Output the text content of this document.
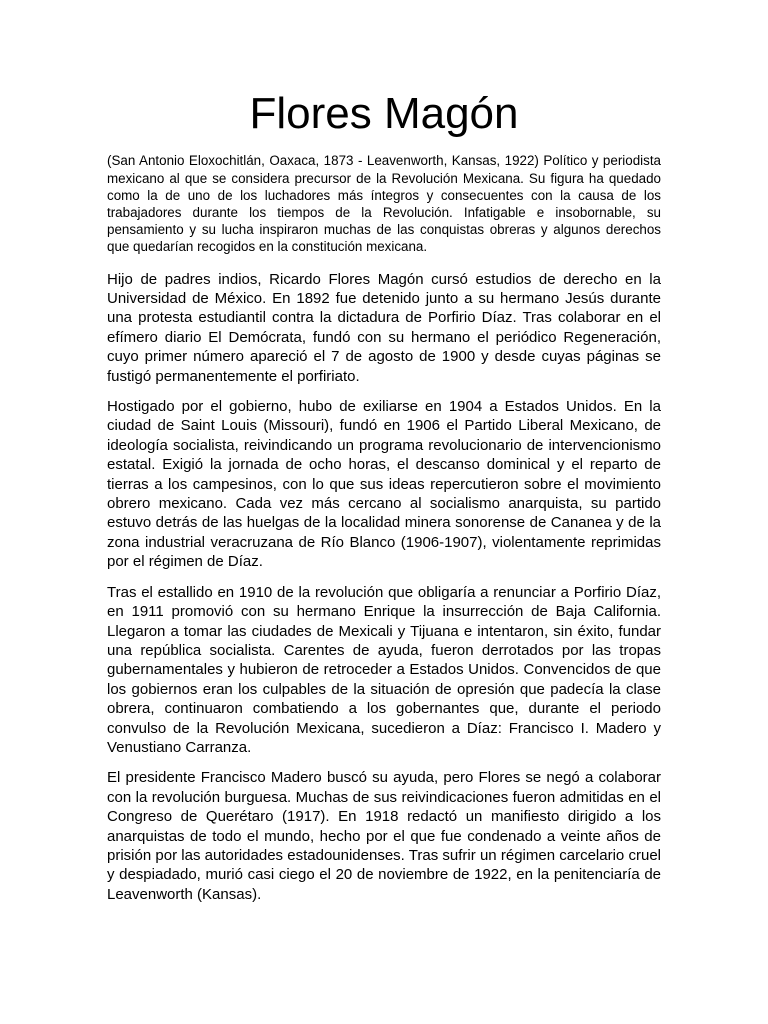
Flores Magón

(San Antonio Eloxochitlán, Oaxaca, 1873 - Leavenworth, Kansas, 1922) Político y periodista mexicano al que se considera precursor de la Revolución Mexicana. Su figura ha quedado como la de uno de los luchadores más íntegros y consecuentes con la causa de los trabajadores durante los tiempos de la Revolución. Infatigable e insobornable, su pensamiento y su lucha inspiraron muchas de las conquistas obreras y algunos derechos que quedarían recogidos en la constitución mexicana.

Hijo de padres indios, Ricardo Flores Magón cursó estudios de derecho en la Universidad de México. En 1892 fue detenido junto a su hermano Jesús durante una protesta estudiantil contra la dictadura de Porfirio Díaz. Tras colaborar en el efímero diario El Demócrata, fundó con su hermano el periódico Regeneración, cuyo primer número apareció el 7 de agosto de 1900 y desde cuyas páginas se fustigó permanentemente el porfiriato.

Hostigado por el gobierno, hubo de exiliarse en 1904 a Estados Unidos. En la ciudad de Saint Louis (Missouri), fundó en 1906 el Partido Liberal Mexicano, de ideología socialista, reivindicando un programa revolucionario de intervencionismo estatal. Exigió la jornada de ocho horas, el descanso dominical y el reparto de tierras a los campesinos, con lo que sus ideas repercutieron sobre el movimiento obrero mexicano. Cada vez más cercano al socialismo anarquista, su partido estuvo detrás de las huelgas de la localidad minera sonorense de Cananea y de la zona industrial veracruzana de Río Blanco (1906-1907), violentamente reprimidas por el régimen de Díaz.

Tras el estallido en 1910 de la revolución que obligaría a renunciar a Porfirio Díaz, en 1911 promovió con su hermano Enrique la insurrección de Baja California. Llegaron a tomar las ciudades de Mexicali y Tijuana e intentaron, sin éxito, fundar una república socialista. Carentes de ayuda, fueron derrotados por las tropas gubernamentales y hubieron de retroceder a Estados Unidos. Convencidos de que los gobiernos eran los culpables de la situación de opresión que padecía la clase obrera, continuaron combatiendo a los gobernantes que, durante el periodo convulso de la Revolución Mexicana, sucedieron a Díaz: Francisco I. Madero y Venustiano Carranza.

El presidente Francisco Madero buscó su ayuda, pero Flores se negó a colaborar con la revolución burguesa. Muchas de sus reivindicaciones fueron admitidas en el Congreso de Querétaro (1917). En 1918 redactó un manifiesto dirigido a los anarquistas de todo el mundo, hecho por el que fue condenado a veinte años de prisión por las autoridades estadounidenses. Tras sufrir un régimen carcelario cruel y despiadado, murió casi ciego el 20 de noviembre de 1922, en la penitenciaría de Leavenworth (Kansas).
